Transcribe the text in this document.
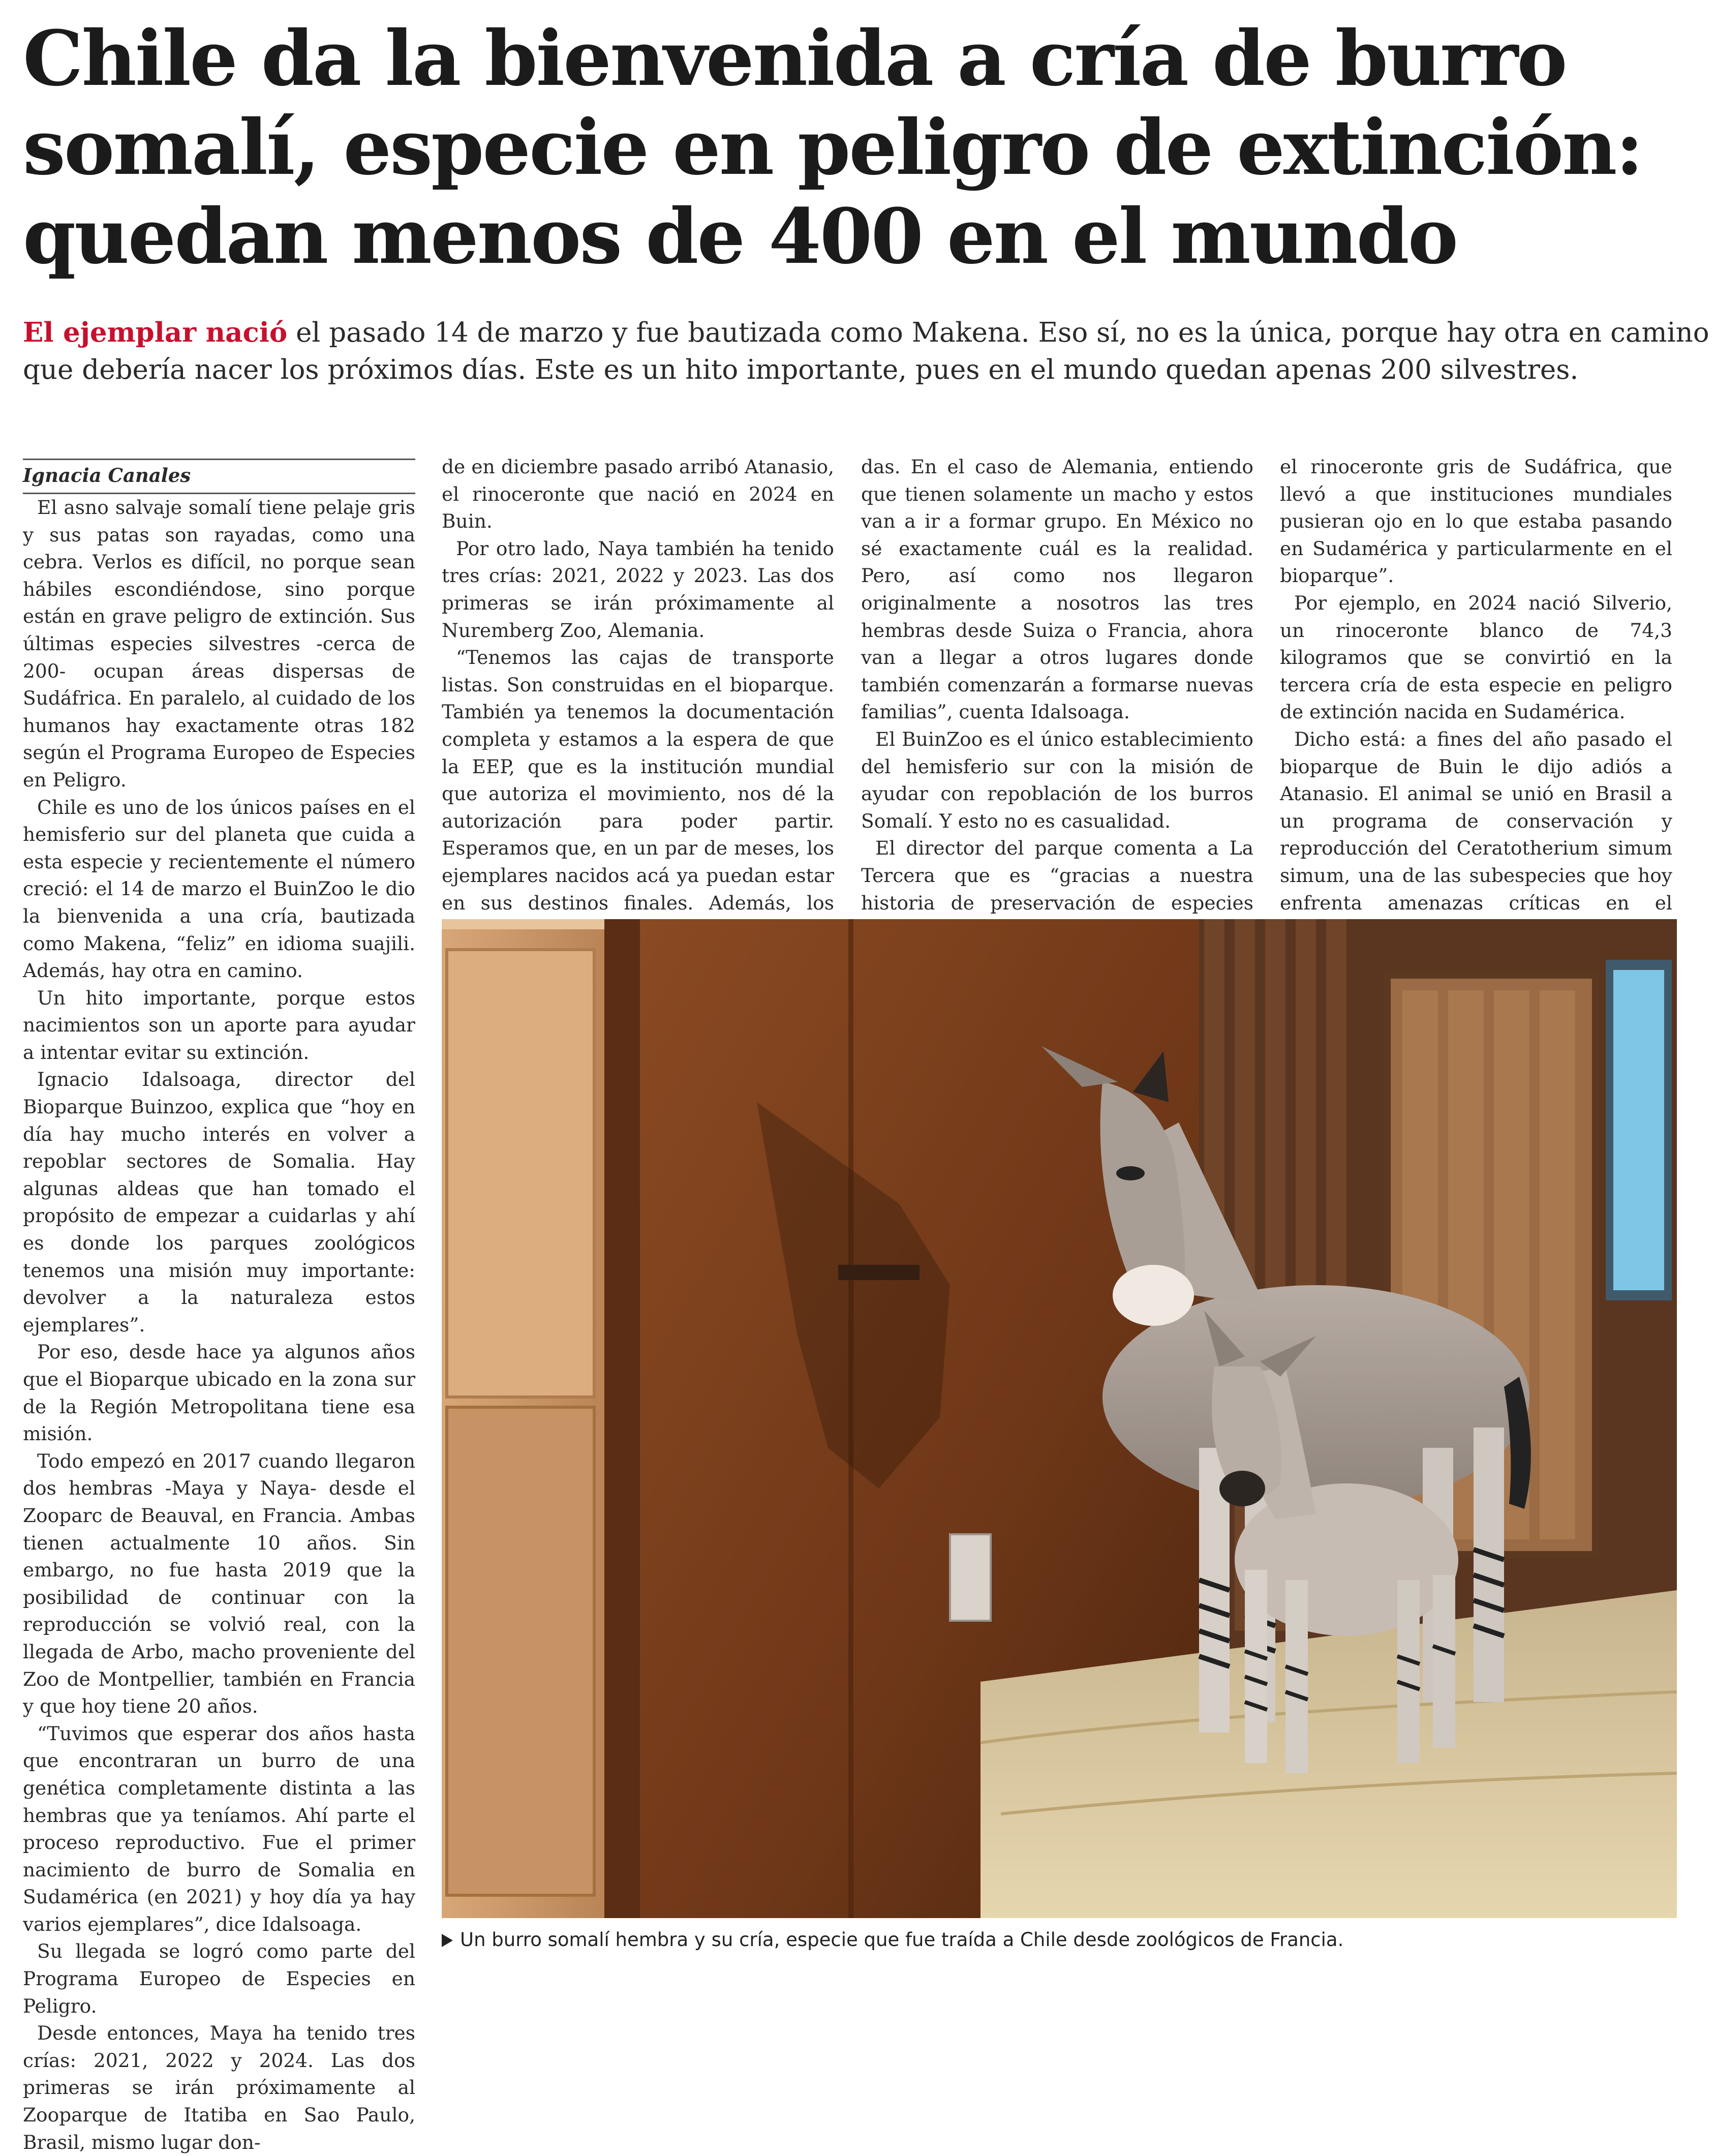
Chile da la bienvenida a cría de burro
somalí, especie en peligro de extinción:
quedan menos de 400 en el mundo
El ejemplar nació el pasado 14 de marzo y fue bautizada como Makena. Eso sí, no es la única, porque hay otra en camino
que debería nacer los próximos días. Este es un hito importante, pues en el mundo quedan apenas 200 silvestres.

Ignacia Canales

El asno salvaje somalí tiene pelaje gris y sus patas son rayadas, como una cebra. Verlos es difícil, no porque sean hábiles escondiéndose, sino porque están en grave peligro de extinción. Sus últimas especies silvestres -cerca de 200- ocupan áreas dispersas de Sudáfrica. En paralelo, al cuidado de los humanos hay exactamente otras 182 según el Programa Europeo de Especies en Peligro.

Chile es uno de los únicos países en el hemisferio sur del planeta que cuida a esta especie y recientemente el número creció: el 14 de marzo el BuinZoo le dio la bienvenida a una cría, bautizada como Makena, “feliz” en idioma suajili. Además, hay otra en camino.

Un hito importante, porque estos nacimientos son un aporte para ayudar a intentar evitar su extinción.

Ignacio Idalsoaga, director del Bioparque Buinzoo, explica que “hoy en día hay mucho interés en volver a repoblar sectores de Somalia. Hay algunas aldeas que han tomado el propósito de empezar a cuidarlas y ahí es donde los parques zoológicos tenemos una misión muy importante: devolver a la naturaleza estos ejemplares”.

Por eso, desde hace ya algunos años que el Bioparque ubicado en la zona sur de la Región Metropolitana tiene esa misión.

Todo empezó en 2017 cuando llegaron dos hembras -Maya y Naya- desde el Zooparc de Beauval, en Francia. Ambas tienen actualmente 10 años. Sin embargo, no fue hasta 2019 que la posibilidad de continuar con la reproducción se volvió real, con la llegada de Arbo, macho proveniente del Zoo de Montpellier, también en Francia y que hoy tiene 20 años.

“Tuvimos que esperar dos años hasta que encontraran un burro de una genética completamente distinta a las hembras que ya teníamos. Ahí parte el proceso reproductivo. Fue el primer nacimiento de burro de Somalia en Sudamérica (en 2021) y hoy día ya hay varios ejemplares”, dice Idalsoaga.

Su llegada se logró como parte del Programa Europeo de Especies en Peligro.

Desde entonces, Maya ha tenido tres crías: 2021, 2022 y 2024. Las dos primeras se irán próximamente al Zooparque de Itatiba en Sao Paulo, Brasil, mismo lugar don-

de en diciembre pasado arribó Atanasio, el rinoceronte que nació en 2024 en Buin.

Por otro lado, Naya también ha tenido tres crías: 2021, 2022 y 2023. Las dos primeras se irán próximamente al Nuremberg Zoo, Alemania.

“Tenemos las cajas de transporte listas. Son construidas en el bioparque. También ya tenemos la documentación completa y estamos a la espera de que la EEP, que es la institución mundial que autoriza el movimiento, nos dé la autorización para poder partir. Esperamos que, en un par de meses, los ejemplares nacidos acá ya puedan estar en sus destinos finales. Además, los

das. En el caso de Alemania, entiendo que tienen solamente un macho y estos van a ir a formar grupo. En México no sé exactamente cuál es la realidad. Pero, así como nos llegaron originalmente a nosotros las tres hembras desde Suiza o Francia, ahora van a llegar a otros lugares donde también comenzarán a formarse nuevas familias”, cuenta Idalsoaga.

El BuinZoo es el único establecimiento del hemisferio sur con la misión de ayudar con repoblación de los burros Somalí. Y esto no es casualidad.

El director del parque comenta a La Tercera que es “gracias a nuestra historia de preservación de especies

el rinoceronte gris de Sudáfrica, que llevó a que instituciones mundiales pusieran ojo en lo que estaba pasando en Sudamérica y particularmente en el bioparque”.

Por ejemplo, en 2024 nació Silverio, un rinoceronte blanco de 74,3 kilogramos que se convirtió en la tercera cría de esta especie en peligro de extinción nacida en Sudamérica.

Dicho está: a fines del año pasado el bioparque de Buin le dijo adiós a Atanasio. El animal se unió en Brasil a un programa de conservación y reproducción del Ceratotherium simum simum, una de las subespecies que hoy enfrenta amenazas críticas en el

Un burro somalí hembra y su cría, especie que fue traída a Chile desde zoológicos de Francia.
